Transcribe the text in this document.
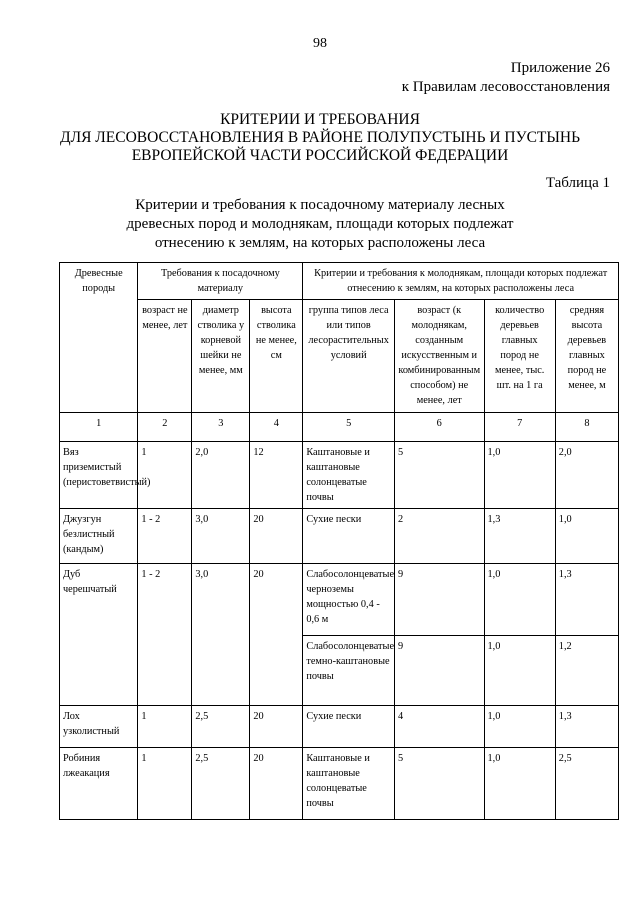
98
Приложение 26
к Правилам лесовосстановления
КРИТЕРИИ И ТРЕБОВАНИЯ
ДЛЯ ЛЕСОВОССТАНОВЛЕНИЯ В РАЙОНЕ ПОЛУПУСТЫНЬ И ПУСТЫНЬ
ЕВРОПЕЙСКОЙ ЧАСТИ РОССИЙСКОЙ ФЕДЕРАЦИИ
Таблица 1
Критерии и требования к посадочному материалу лесных
древесных пород и молоднякам, площади которых подлежат
отнесению к землям, на которых расположены леса
Древесные породы	Требования к посадочному материалу			Критерии и требования к молоднякам, площади которых подлежат отнесению к землям, на которых расположены леса			
	возраст не менее, лет	диаметр стволика у корневой шейки не менее, мм	высота стволика не менее, см	группа типов леса или типов лесорастительных условий	возраст (к молоднякам, созданным искусственным и комбинированным способом) не менее, лет	количество деревьев главных пород не менее, тыс. шт. на 1 га	средняя высота деревьев главных пород не менее, м
1	2	3	4	5	6	7	8
Вяз приземистый (перистоветвистый)	1	2,0	12	Каштановые и каштановые солонцеватые почвы	5	1,0	2,0
Джузгун безлистный (кандым)	1 - 2	3,0	20	Сухие пески	2	1,3	1,0
Дуб черешчатый	1 - 2	3,0	20	Слабосолонцеватые черноземы мощностью 0,4 - 0,6 м	9	1,0	1,3
				Слабосолонцеватые темно-каштановые почвы	9	1,0	1,2
Лох узколистный	1	2,5	20	Сухие пески	4	1,0	1,3
Робиния лжеакация	1	2,5	20	Каштановые и каштановые солонцеватые почвы	5	1,0	2,5
